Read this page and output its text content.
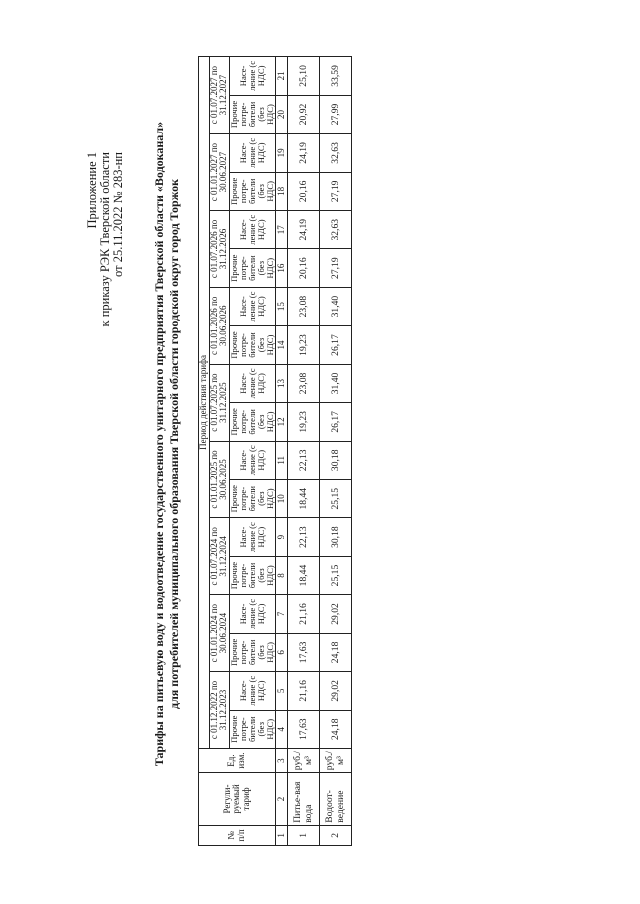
Приложение 1 к приказу РЭК Тверской области от 25.11.2022 № 283-нп Тарифы на питьевую воду и водоотведение государственного унитарного предприятия Тверской области «Водоканал» для потребителей муниципального образования Тверской области городской округ город Торжок
№ п/п	Регули-руемый тариф	Ед. изм.	Период действия тарифа																	
			с 01.12.2022 по 31.12.2023		с 01.01.2024 по 30.06.2024		с 01.07.2024 по 31.12.2024		с 01.01.2025 по 30.06.2025		с 01.07.2025 по 31.12.2025		с 01.01.2026 по 30.06.2026		с 01.07.2026 по 31.12.2026		с 01.01.2027 по 30.06.2027		с 01.07.2027 по 31.12.2027	
			Прочие потре-бители (без НДС)	Насе-ление (с НДС)	Прочие потре-бители (без НДС)	Насе-ление (с НДС)	Прочие потре-бители (без НДС)	Насе-ление (с НДС)	Прочие потре-бители (без НДС)	Насе-ление (с НДС)	Прочие потре-бители (без НДС)	Насе-ление (с НДС)	Прочие потре-бители (без НДС)	Насе-ление (с НДС)	Прочие потре-бители (без НДС)	Насе-ление (с НДС)	Прочие потре-бители (без НДС)	Насе-ление (с НДС)	Прочие потре-бители (без НДС)	Насе-ление (с НДС)
1	2	3	4	5	6	7	8	9	10	11	12	13	14	15	16	17	18	19	20	21
1	Питье-вая вода	руб./м³	17,63	21,16	17,63	21,16	18,44	22,13	18,44	22,13	19,23	23,08	19,23	23,08	20,16	24,19	20,16	24,19	20,92	25,10
2	Водоот-ведение	руб./м³	24,18	29,02	24,18	29,02	25,15	30,18	25,15	30,18	26,17	31,40	26,17	31,40	27,19	32,63	27,19	32,63	27,99	33,59
